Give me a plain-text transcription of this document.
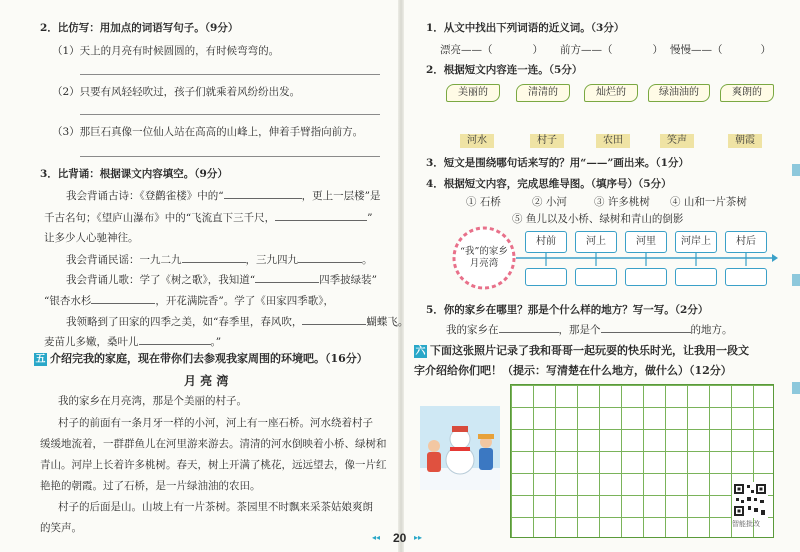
2．比仿写：用加点的词语写句子。（9分）
（1）天上的月亮有时候圆圆的，有时候弯弯的。
（2）只要有风轻轻吹过，孩子们就乘着风纷纷出发。
（3）那巨石真像一位仙人站在高高的山峰上，伸着手臂指向前方。
3．比背诵：根据课文内容填空。（9分）
我会背诵古诗：《登鹳雀楼》中的“	，更上一层楼”是
千古名句；《望庐山瀑布》中的“飞流直下三千尺，	”
让多少人心驰神往。
我会背诵民谣：一九二九	，三九四九	。
我会背诵儿歌：学了《树之歌》，我知道“	四季披绿装”
“银杏水杉	，开花满院香”。学了《田家四季歌》，
我领略到了田家的四季之美，如“春季里，春风吹，	蝴蝶飞。
麦苗儿多嫩，桑叶儿	。”
五 介绍完我的家庭，现在带你们去参观我家周围的环境吧。（16分）
月 亮 湾
我的家乡在月亮湾，那是个美丽的村子。
村子的前面有一条月牙一样的小河，河上有一座石桥。河水绕着村子
缓缓地流着，一群群鱼儿在河里游来游去。清清的河水倒映着小桥、绿树和
青山。河岸上长着许多桃树。春天，树上开满了桃花，远远望去，像一片红
艳艳的朝霞。过了石桥，是一片绿油油的农田。
村子的后面是山。山坡上有一片茶树。茶园里不时飘来采茶姑娘爽朗
的笑声。
1．从文中找出下列词语的近义词。（3分）
漂亮——（	） 前方——（	） 慢慢——（	）
2．根据短文内容连一连。（5分）
美丽的	清清的	灿烂的	绿油油的	爽朗的
河水	村子	农田	笑声	朝霞
3．短文是围绕哪句话来写的？用“——”画出来。（1分）
4．根据短文内容，完成思维导图。（填序号）（5分）
① 石桥	② 小河	③ 许多桃树 ④ 山和一片茶树
⑤ 鱼儿以及小桥、绿树和青山的倒影
“我”的家乡
月亮湾
村前	河上	河里	河岸上	村后
5．你的家乡在哪里？那是个什么样的地方？写一写。（2分）
我的家乡在	，那是个	的地方。
六 下面这张照片记录了我和哥哥一起玩耍的快乐时光，让我用一段文
字介绍给你们吧！（提示：写清楚在什么地方，做什么）（12分）
智能批改
◂◂ 20 ▸▸
